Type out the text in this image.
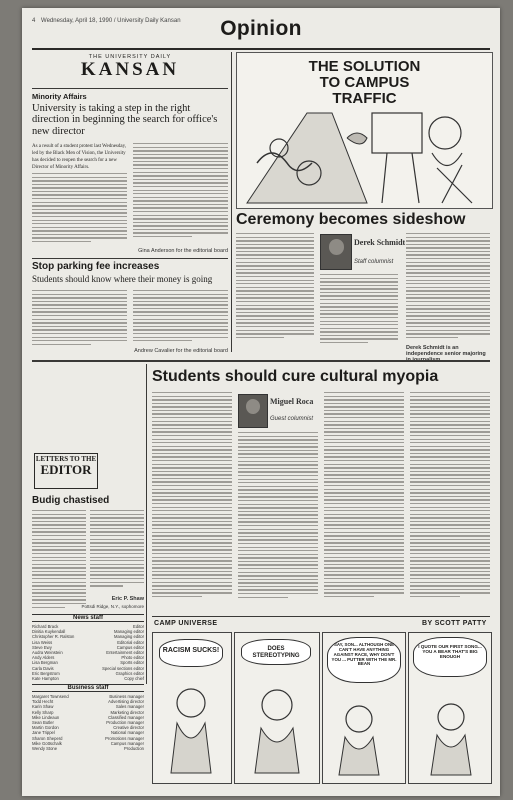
4 Wednesday, April 18, 1990 / University Daily Kansan	Opinion
THE UNIVERSITY DAILY
KANSAN
Minority Affairs
University is taking a step in the right direction in beginning the search for office's new director
As a result of a student protest last Wednesday, led by the Black Men of Vision, the University has decided to reopen the search for a new Director of Minority Affairs.
Gina Anderson for the editorial board
Stop parking fee increases
Students should know where their money is going
Andrew Cavalier for the editorial board
THE SOLUTION TO CAMPUS TRAFFIC
Ceremony becomes sideshow
Derek Schmidt
Staff columnist
Derek Schmidt is an independence senior majoring
LETTERS TO THE
EDITOR
Budig chastised
Eric P. Shaw
Pottsdi Ridge, N.Y., sophomore
News staff
Richard Brack	Editor
Dinitia Kuykendall	Managing editor
Christopher R. Ralston	Managing editor
Lisa Weiss	Editorial editor
Steve Ewy	Campus editor
Audra Weinstein	Entertainment editor
Andy Alders	Photo editor
Lisa Bergman	Sports editor
Carla Davis	Special sections editor
Eric Bergstrom	Graphics editor
Kate Hampton	Copy chief
Business staff
Margaret Townsend	Business manager
Todd Hecht	Advertising director
Karin Shaw	Sales manager
Kelly Sharp	Marketing director
Mike Lindeaun	Classified manager
Sean Butler	Production manager
Martin Gordon	Creative director
Jane Trippel	National manager
Sharon Sheperd	Promotions manager
Mike Gottschalk	Campus manager
Wendy Stone	Production
Students should cure cultural myopia
Miguel Roca
Guest columnist
CAMP UNIVERSE	BY SCOTT PATTY
RACISM SUCKS!	DOES STEREOTYPING
SAY, SON... ALTHOUGH ONE CAN'T HAVE ANYTHING AGAINST RACE, WHY DON'T YOU ... PUTTER WITH THE MR. BEAN
I QUOTE OUR FIRST SONG... YOU A BEAR THAT'S BIG ENOUGH
